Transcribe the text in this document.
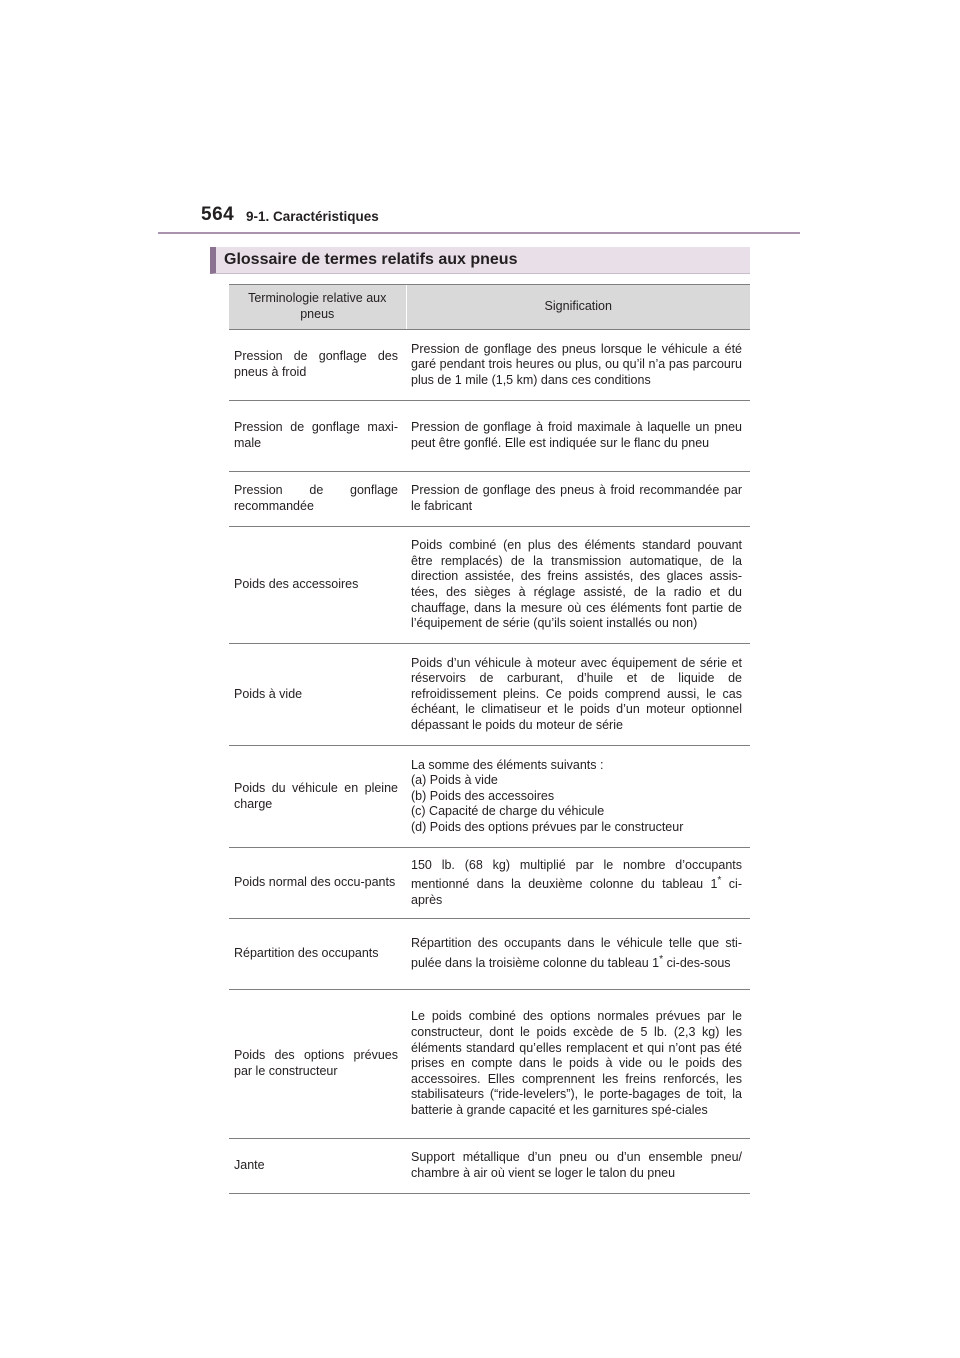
564 9-1. Caractéristiques
Glossaire de termes relatifs aux pneus
Terminologie relative aux pneus	Signification
Pression de gonflage des pneus à froid	Pression de gonflage des pneus lorsque le véhicule a été garé pendant trois heures ou plus, ou qu’il n’a pas parcouru plus de 1 mile (1,5 km) dans ces conditions
Pression de gonflage maxi-male	Pression de gonflage à froid maximale à laquelle un pneu peut être gonflé. Elle est indiquée sur le flanc du pneu
Pression de gonflage recommandée	Pression de gonflage des pneus à froid recommandée par le fabricant
Poids des accessoires	Poids combiné (en plus des éléments standard pouvant être remplacés) de la transmission automatique, de la direction assistée, des freins assistés, des glaces assis-tées, des sièges à réglage assisté, de la radio et du chauffage, dans la mesure où ces éléments font partie de l’équipement de série (qu’ils soient installés ou non)
Poids à vide	Poids d’un véhicule à moteur avec équipement de série et réservoirs de carburant, d’huile et de liquide de refroidissement pleins. Ce poids comprend aussi, le cas échéant, le climatiseur et le poids d’un moteur optionnel dépassant le poids du moteur de série
Poids du véhicule en pleine charge	La somme des éléments suivants :
(a) Poids à vide
(b) Poids des accessoires
(c) Capacité de charge du véhicule
(d) Poids des options prévues par le constructeur

Poids normal des occu-pants	150 lb. (68 kg) multiplié par le nombre d’occupants mentionné dans la deuxième colonne du tableau 1* ci-après
Répartition des occupants	Répartition des occupants dans le véhicule telle que sti-pulée dans la troisième colonne du tableau 1* ci-des-sous
Poids des options prévues par le constructeur	Le poids combiné des options normales prévues par le constructeur, dont le poids excède de 5 lb. (2,3 kg) les éléments standard qu’elles remplacent et qui n’ont pas été prises en compte dans le poids à vide ou le poids des accessoires. Elles comprennent les freins renforcés, les stabilisateurs (“ride-levelers”), le porte-bagages de toit, la batterie à grande capacité et les garnitures spé-ciales
Jante	Support métallique d’un pneu ou d’un ensemble pneu/ chambre à air où vient se loger le talon du pneu
